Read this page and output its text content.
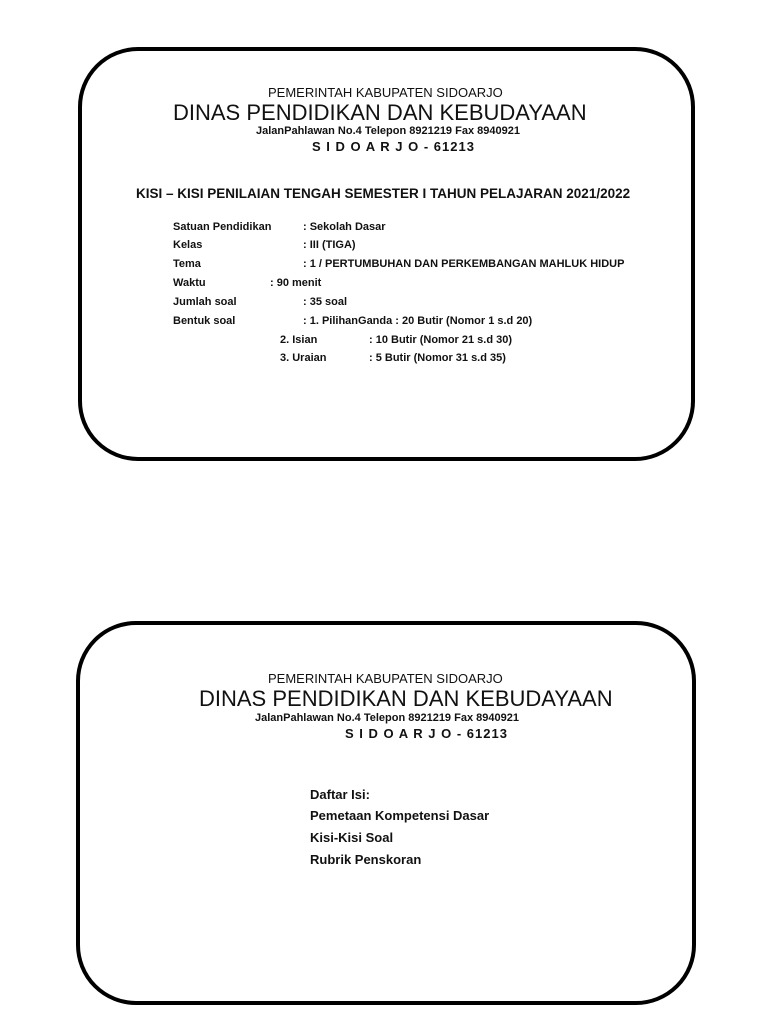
PEMERINTAH KABUPATEN SIDOARJO
DINAS PENDIDIKAN DAN KEBUDAYAAN
JalanPahlawan No.4 Telepon 8921219 Fax 8940921
S I D O A R J O - 61213
KISI – KISI PENILAIAN TENGAH SEMESTER I TAHUN PELAJARAN 2021/2022
Satuan Pendidikan	: Sekolah Dasar
Kelas	: III (TIGA)
Tema	: 1 / PERTUMBUHAN DAN PERKEMBANGAN MAHLUK HIDUP
Waktu	: 90 menit
Jumlah soal	: 35 soal
Bentuk soal	: 1. PilihanGanda : 20 Butir (Nomor 1 s.d 20)
2. Isian	: 10 Butir (Nomor 21 s.d 30)
3. Uraian	: 5 Butir (Nomor 31 s.d 35)
PEMERINTAH KABUPATEN SIDOARJO
DINAS PENDIDIKAN DAN KEBUDAYAAN
JalanPahlawan No.4 Telepon 8921219 Fax 8940921
S I D O A R J O - 61213
Daftar Isi:
Pemetaan Kompetensi Dasar
Kisi-Kisi Soal
Rubrik Penskoran
